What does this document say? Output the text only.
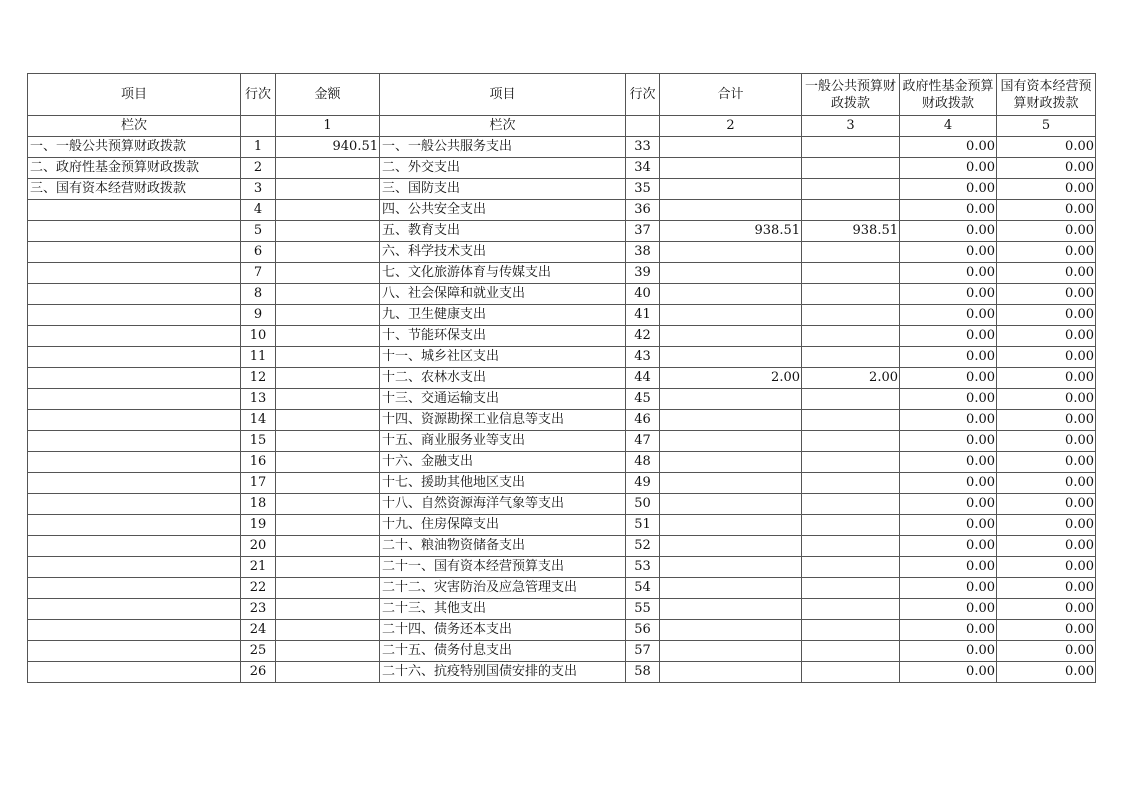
项目	行次	金额	项目	行次	合计	一般公共预算财政拨款	政府性基金预算财政拨款	国有资本经营预算财政拨款
栏次		1	栏次		2	3	4	5
一、一般公共预算财政拨款	1	940.51	一、一般公共服务支出	33			0.00	0.00
二、政府性基金预算财政拨款	2		二、外交支出	34			0.00	0.00
三、国有资本经营财政拨款	3		三、国防支出	35			0.00	0.00
	4		四、公共安全支出	36			0.00	0.00
	5		五、教育支出	37	938.51	938.51	0.00	0.00
	6		六、科学技术支出	38			0.00	0.00
	7		七、文化旅游体育与传媒支出	39			0.00	0.00
	8		八、社会保障和就业支出	40			0.00	0.00
	9		九、卫生健康支出	41			0.00	0.00
	10		十、节能环保支出	42			0.00	0.00
	11		十一、城乡社区支出	43			0.00	0.00
	12		十二、农林水支出	44	2.00	2.00	0.00	0.00
	13		十三、交通运输支出	45			0.00	0.00
	14		十四、资源勘探工业信息等支出	46			0.00	0.00
	15		十五、商业服务业等支出	47			0.00	0.00
	16		十六、金融支出	48			0.00	0.00
	17		十七、援助其他地区支出	49			0.00	0.00
	18		十八、自然资源海洋气象等支出	50			0.00	0.00
	19		十九、住房保障支出	51			0.00	0.00
	20		二十、粮油物资储备支出	52			0.00	0.00
	21		二十一、国有资本经营预算支出	53			0.00	0.00
	22		二十二、灾害防治及应急管理支出	54			0.00	0.00
	23		二十三、其他支出	55			0.00	0.00
	24		二十四、债务还本支出	56			0.00	0.00
	25		二十五、债务付息支出	57			0.00	0.00
	26		二十六、抗疫特别国债安排的支出	58			0.00	0.00
